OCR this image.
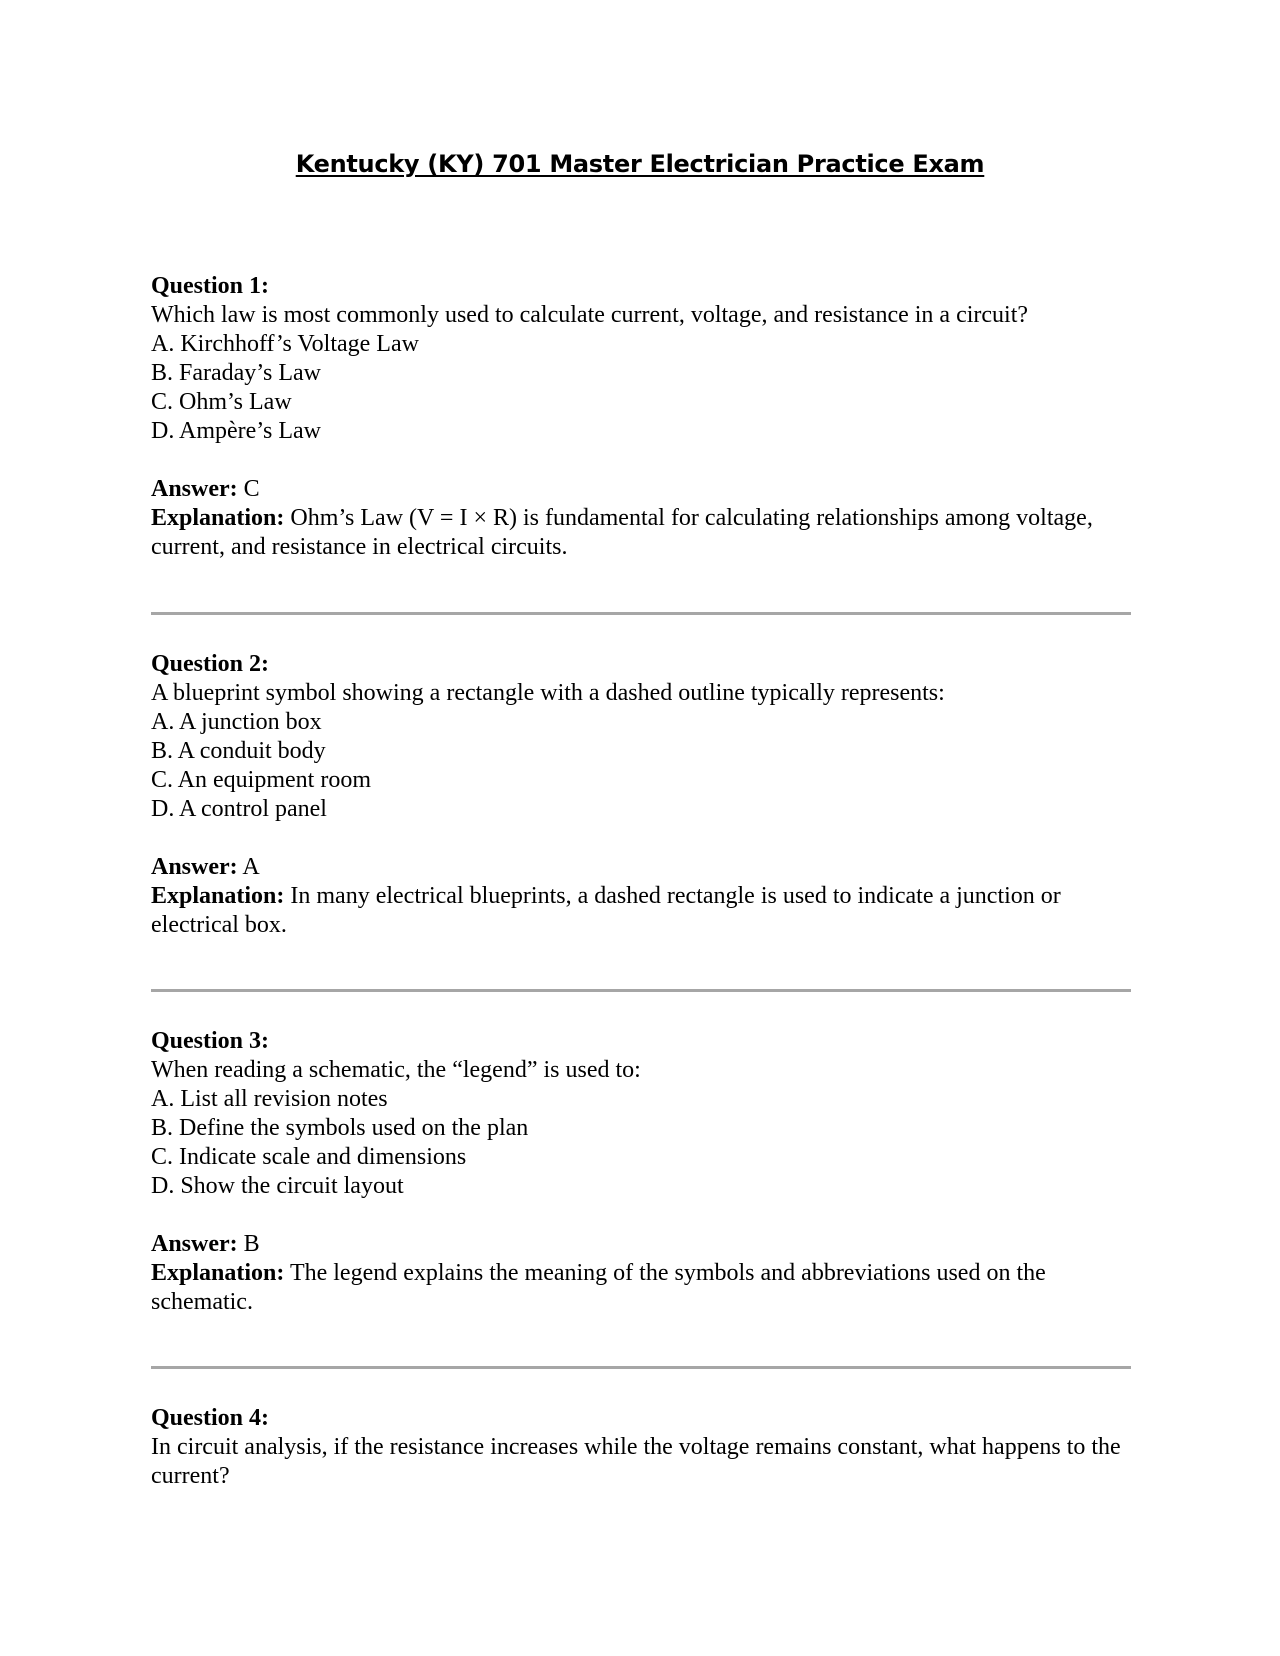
Kentucky (KY) 701 Master Electrician Practice Exam
Question 1:
Which law is most commonly used to calculate current, voltage, and resistance in a circuit?
A. Kirchhoff’s Voltage Law
B. Faraday’s Law
C. Ohm’s Law
D. Ampère’s Law
Answer: C
Explanation: Ohm’s Law (V = I × R) is fundamental for calculating relationships among voltage, current, and resistance in electrical circuits.
Question 2:
A blueprint symbol showing a rectangle with a dashed outline typically represents:
A. A junction box
B. A conduit body
C. An equipment room
D. A control panel
Answer: A
Explanation: In many electrical blueprints, a dashed rectangle is used to indicate a junction or electrical box.
Question 3:
When reading a schematic, the “legend” is used to:
A. List all revision notes
B. Define the symbols used on the plan
C. Indicate scale and dimensions
D. Show the circuit layout
Answer: B
Explanation: The legend explains the meaning of the symbols and abbreviations used on the schematic.
Question 4:
In circuit analysis, if the resistance increases while the voltage remains constant, what happens to the current?
